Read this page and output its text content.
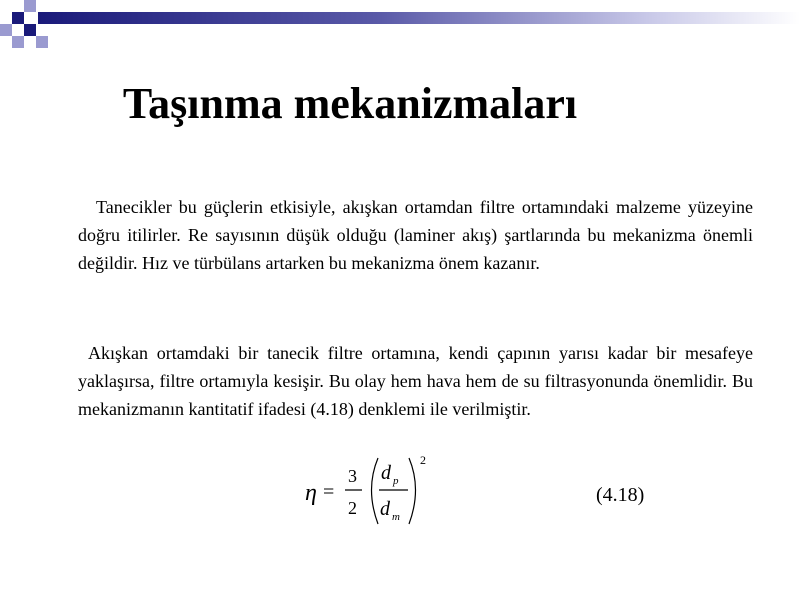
Taşınma mekanizmaları
Tanecikler bu güçlerin etkisiyle, akışkan ortamdan filtre ortamındaki malzeme yüzeyine doğru itilirler. Re sayısının düşük olduğu (laminer akış) şartlarında bu mekanizma önemli değildir. Hız ve türbülans artarken bu mekanizma önem kazanır.
Akışkan ortamdaki bir tanecik filtre ortamına, kendi çapının yarısı kadar bir mesafeye yaklaşırsa, filtre ortamıyla kesişir. Bu olay hem hava hem de su filtrasyonunda önemlidir. Bu mekanizmanın kantitatif ifadesi (4.18) denklemi ile verilmiştir.
η =
3
2
d p
d m
2
(4.18)
